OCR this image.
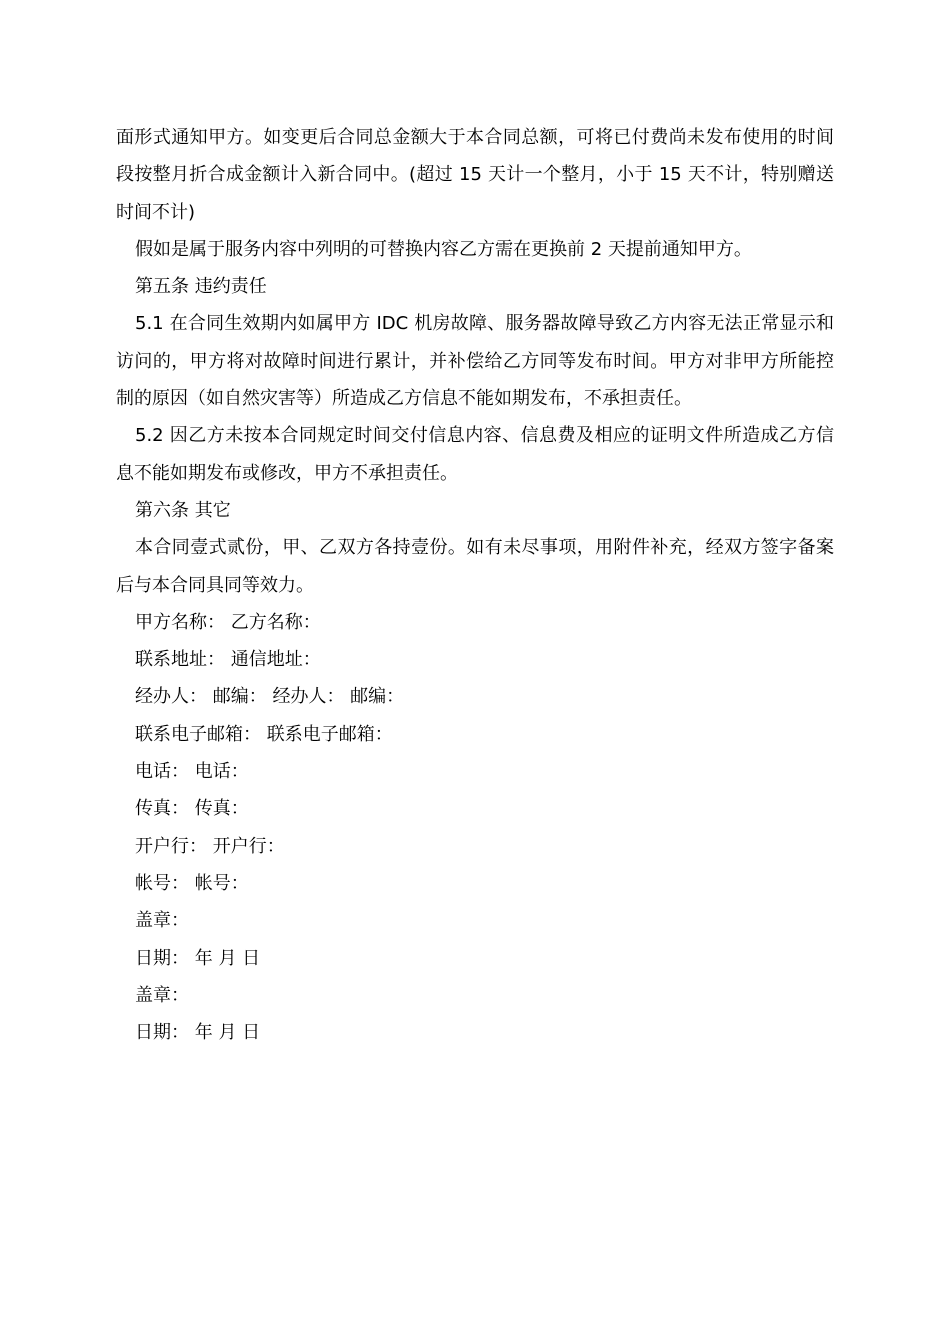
面形式通知甲方。如变更后合同总金额大于本合同总额，可将已付费尚未发布使用的时间段按整月折合成金额计入新合同中。(超过 15 天计一个整月，小于 15 天不计，特别赠送时间不计)

假如是属于服务内容中列明的可替换内容乙方需在更换前 2 天提前通知甲方。

第五条 违约责任

5.1 在合同生效期内如属甲方 IDC 机房故障、服务器故障导致乙方内容无法正常显示和访问的，甲方将对故障时间进行累计，并补偿给乙方同等发布时间。甲方对非甲方所能控制的原因（如自然灾害等）所造成乙方信息不能如期发布，不承担责任。

5.2 因乙方未按本合同规定时间交付信息内容、信息费及相应的证明文件所造成乙方信息不能如期发布或修改，甲方不承担责任。

第六条 其它

本合同壹式贰份，甲、乙双方各持壹份。如有未尽事项，用附件补充，经双方签字备案后与本合同具同等效力。

甲方名称： 乙方名称：
联系地址： 通信地址：
经办人： 邮编： 经办人： 邮编：
联系电子邮箱： 联系电子邮箱：
电话： 电话：
传真： 传真：
开户行： 开户行：
帐号： 帐号：
盖章：
日期： 年 月 日
盖章：
日期： 年 月 日
